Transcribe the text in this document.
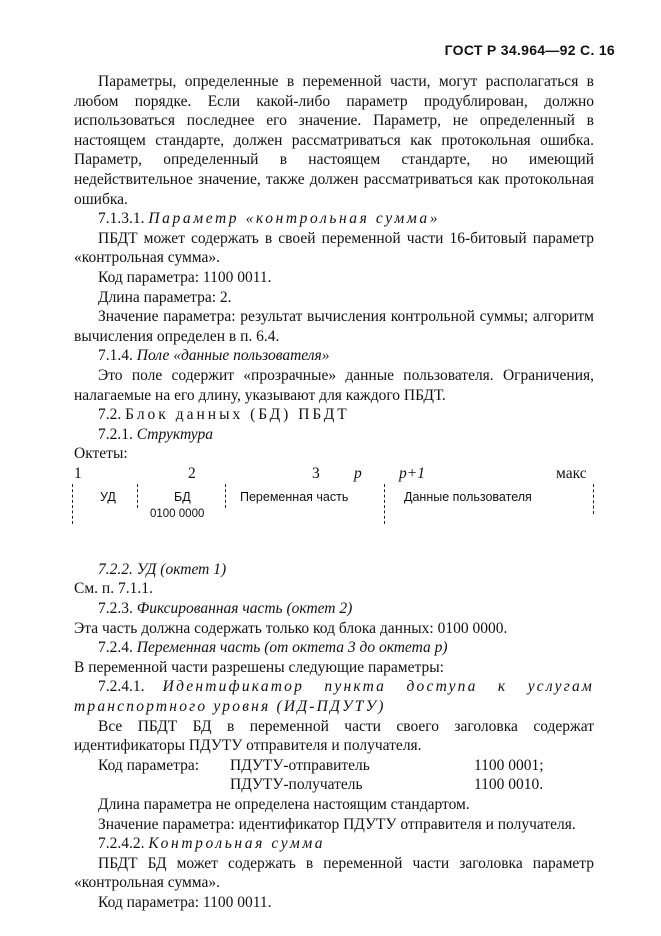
ГОСТ Р 34.964—92 С. 16

Параметры, определенные в переменной части, могут располагаться в любом порядке. Если какой-либо параметр продублирован, должно использоваться последнее его значение. Параметр, не определенный в настоящем стандарте, должен рассматриваться как протокольная ошибка. Параметр, определенный в настоящем стандарте, но имеющий недействительное значение, также должен рассматриваться как протокольная ошибка.

7.1.3.1. Параметр «контрольная сумма»

ПБДТ может содержать в своей переменной части 16-битовый параметр «контрольная сумма».

Код параметра: 1100 0011.

Длина параметра: 2.

Значение параметра: результат вычисления контрольной суммы; алгоритм вычисления определен в п. 6.4.

7.1.4. Поле «данные пользователя»

Это поле содержит «прозрачные» данные пользователя. Ограничения, налагаемые на его длину, указывают для каждого ПБДТ.

7.2. Блок данных (БД) ПБДТ

7.2.1. Структура

Октеты:

1	2	3 p p+1	макс
УД	БД
0100 0000
Переменная часть	Данные пользователя

7.2.2. УД (октет 1)

См. п. 7.1.1.

7.2.3. Фиксированная часть (октет 2)

Эта часть должна содержать только код блока данных: 0100 0000.

7.2.4. Переменная часть (от октета 3 до октета p)

В переменной части разрешены следующие параметры:

7.2.4.1. Идентификатор пункта доступа к услугам транспортного уровня (ИД-ПДУТУ)

Все ПБДТ БД в переменной части своего заголовка содержат идентификаторы ПДУТУ отправителя и получателя.

Код параметра: ПДУТУ-отправитель	1100 0001;
ПДУТУ-получатель	1100 0010.

Длина параметра не определена настоящим стандартом.

Значение параметра: идентификатор ПДУТУ отправителя и получателя.

7.2.4.2. Контрольная сумма

ПБДТ БД может содержать в переменной части заголовка параметр «контрольная сумма».

Код параметра: 1100 0011.
